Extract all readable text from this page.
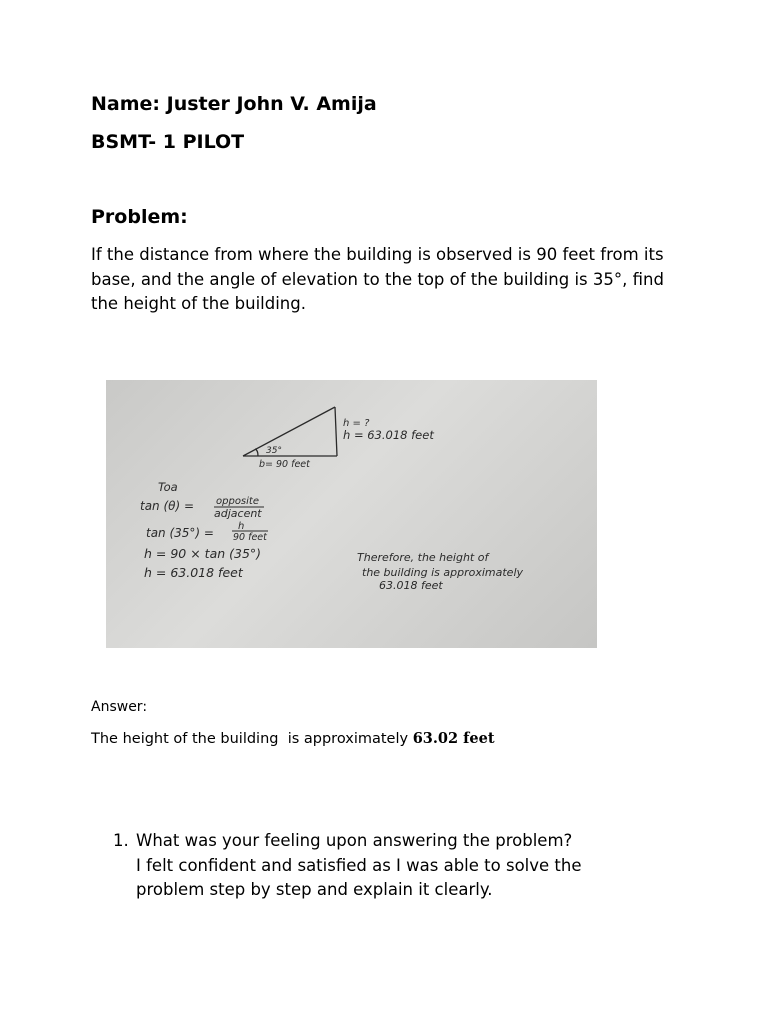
Name: Juster John V. Amija
BSMT- 1 PILOT
Problem:

If the distance from where the building is observed is 90 feet from its base, and the angle of elevation to the top of the building is 35°, find the height of the building.

h = ?
h = 63.018 feet
35°
b= 90 feet
Toa
tan (θ) = opposite
adjacent
tan (35°) = h
90 feet
h = 90 × tan (35°)
h = 63.018 feet
Therefore, the height of
the building is approximately
63.018 feet

Answer:

The height of the building  is approximately 63.02 feet

1. What was your feeling upon answering the problem?
I felt confident and satisfied as I was able to solve the problem step by step and explain it clearly.
